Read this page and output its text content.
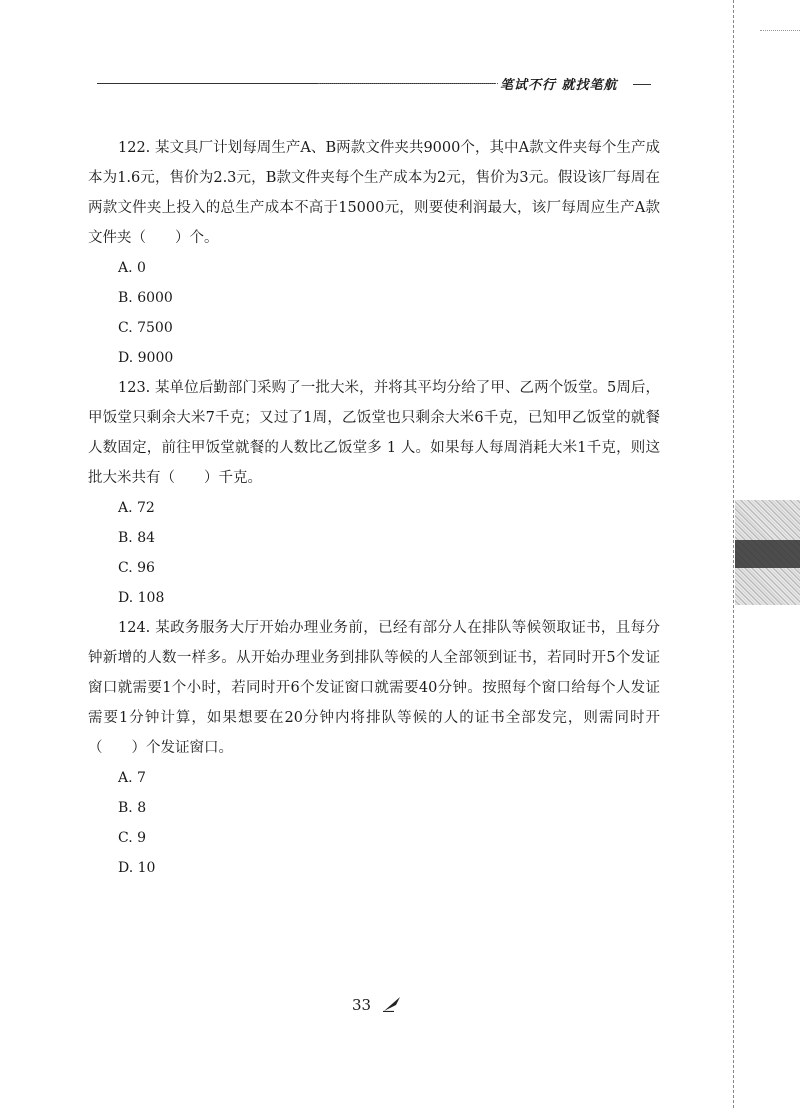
笔试不行 就找笔航

122. 某文具厂计划每周生产A、B两款文件夹共9000个，其中A款文件夹每个生产成本为1.6元，售价为2.3元，B款文件夹每个生产成本为2元，售价为3元。假设该厂每周在两款文件夹上投入的总生产成本不高于15000元，则要使利润最大，该厂每周应生产A款文件夹（　　）个。

A. 0

B. 6000

C. 7500

D. 9000

123. 某单位后勤部门采购了一批大米，并将其平均分给了甲、乙两个饭堂。5周后，甲饭堂只剩余大米7千克；又过了1周，乙饭堂也只剩余大米6千克，已知甲乙饭堂的就餐人数固定，前往甲饭堂就餐的人数比乙饭堂多 1 人。如果每人每周消耗大米1千克，则这批大米共有（　　）千克。

A. 72

B. 84

C. 96

D. 108

124. 某政务服务大厅开始办理业务前，已经有部分人在排队等候领取证书，且每分钟新增的人数一样多。从开始办理业务到排队等候的人全部领到证书，若同时开5个发证窗口就需要1个小时，若同时开6个发证窗口就需要40分钟。按照每个窗口给每个人发证需要1分钟计算，如果想要在20分钟内将排队等候的人的证书全部发完，则需同时开（　　）个发证窗口。

A. 7

B. 8

C. 9

D. 10

33
